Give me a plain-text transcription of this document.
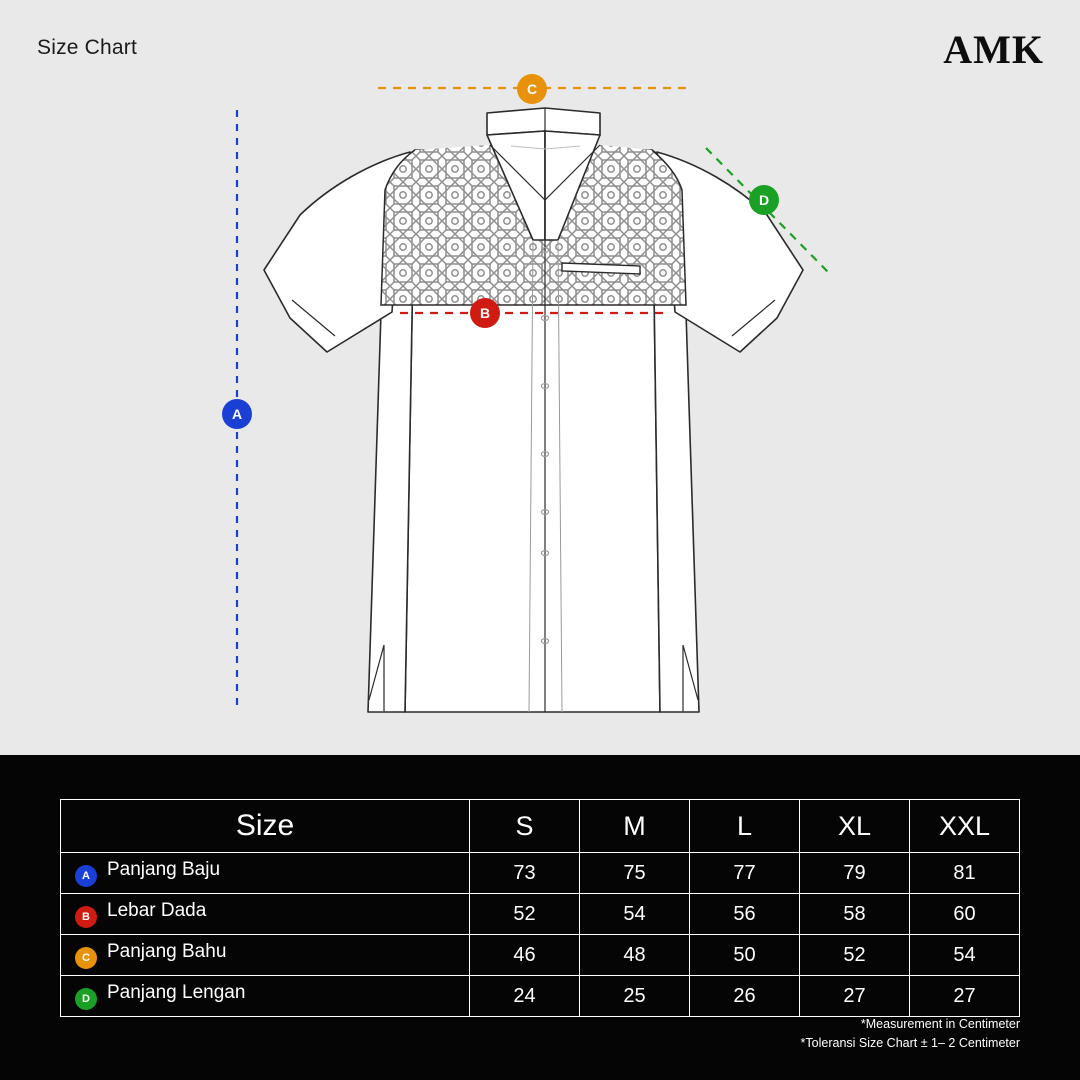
Size Chart	AMK
A
B
C
D
Size	S	M	L	XL	XXL
A Panjang Baju	73	75	77	79	81
B Lebar Dada	52	54	56	58	60
C Panjang Bahu	46	48	50	52	54
D Panjang Lengan	24	25	26	27	27
*Measurement in Centimeter
*Toleransi Size Chart ± 1– 2 Centimeter
